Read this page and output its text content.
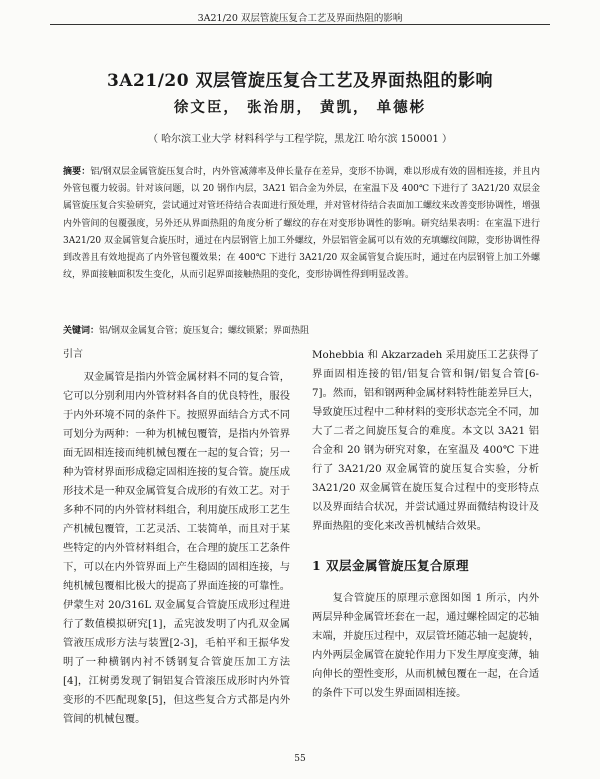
3A21/20 双层管旋压复合工艺及界面热阻的影响
3A21/20 双层管旋压复合工艺及界面热阻的影响
徐文臣， 张治朋， 黄凯， 单德彬
（ 哈尔滨工业大学 材料科学与工程学院，黑龙江 哈尔滨 150001 ）
摘要：铝/钢双层金属管旋压复合时，内外管减薄率及伸长量存在差异，变形不协调，难以形成有效的固相连接，并且内外管包覆力较弱。针对该问题，以 20 钢作内层，3A21 铝合金为外层，在室温下及 400℃ 下进行了 3A21/20 双层金属管旋压复合实验研究，尝试通过对管坯待结合表面进行预处理，并对管材待结合表面加工螺纹来改善变形协调性，增强内外管间的包覆强度，另外还从界面热阻的角度分析了螺纹的存在对变形协调性的影响。研究结果表明：在室温下进行 3A21/20 双金属管复合旋压时，通过在内层钢管上加工外螺纹，外层铝管金属可以有效的充填螺纹间隙，变形协调性得到改善且有效地提高了内外管包覆效果；在 400℃ 下进行 3A21/20 双金属管复合旋压时，通过在内层钢管上加工外螺纹，界面接触面积发生变化，从而引起界面接触热阻的变化，变形协调性得到明显改善。
关键词：铝/钢双金属复合管；旋压复合；螺纹锁紧；界面热阻
引言

双金属管是指内外管金属材料不同的复合管，它可以分别利用内外管材料各自的优良特性，服役于内外环境不同的条件下。按照界面结合方式不同可划分为两种：一种为机械包覆管，是指内外管界面无固相连接而纯机械包覆在一起的复合管；另一种为管材界面形成稳定固相连接的复合管。旋压成形技术是一种双金属管复合成形的有效工艺。对于多种不同的内外管材料组合，利用旋压成形工艺生产机械包覆管，工艺灵活、工装简单，而且对于某些特定的内外管材料组合，在合理的旋压工艺条件下，可以在内外管界面上产生稳固的固相连接，与纯机械包覆相比极大的提高了界面连接的可靠性。伊蒙生对 20/316L 双金属复合管旋压成形过程进行了数值模拟研究[1]，孟宪波发明了内孔双金属管液压成形方法与装置[2-3]，毛柏平和王振华发明了一种横钢内衬不锈钢复合管旋压加工方法[4]，江树勇发现了铜铝复合管滚压成形时内外管变形的不匹配现象[5]，但这些复合方式都是内外管间的机械包覆。

Mohebbia 和 Akzarzadeh 采用旋压工艺获得了界面固相连接的铝/铝复合管和铜/铝复合管[6-7]。然而，铝和钢两种金属材料特性能差异巨大，导致旋压过程中二种材料的变形状态完全不同，加大了二者之间旋压复合的难度。本文以 3A21 铝合金和 20 钢为研究对象，在室温及 400℃ 下进行了 3A21/20 双金属管的旋压复合实验，分析 3A21/20 双金属管在旋压复合过程中的变形特点以及界面结合状况，并尝试通过界面微结构设计及界面热阻的变化来改善机械结合效果。

1 双层金属管旋压复合原理

复合管旋压的原理示意图如图 1 所示，内外两层异种金属管坯套在一起，通过螺栓固定的芯轴末端，并旋压过程中，双层管坯随芯轴一起旋转，内外两层金属管在旋轮作用力下发生厚度变薄，轴向伸长的塑性变形，从而机械包覆在一起，在合适的条件下可以发生界面固相连接。

55
